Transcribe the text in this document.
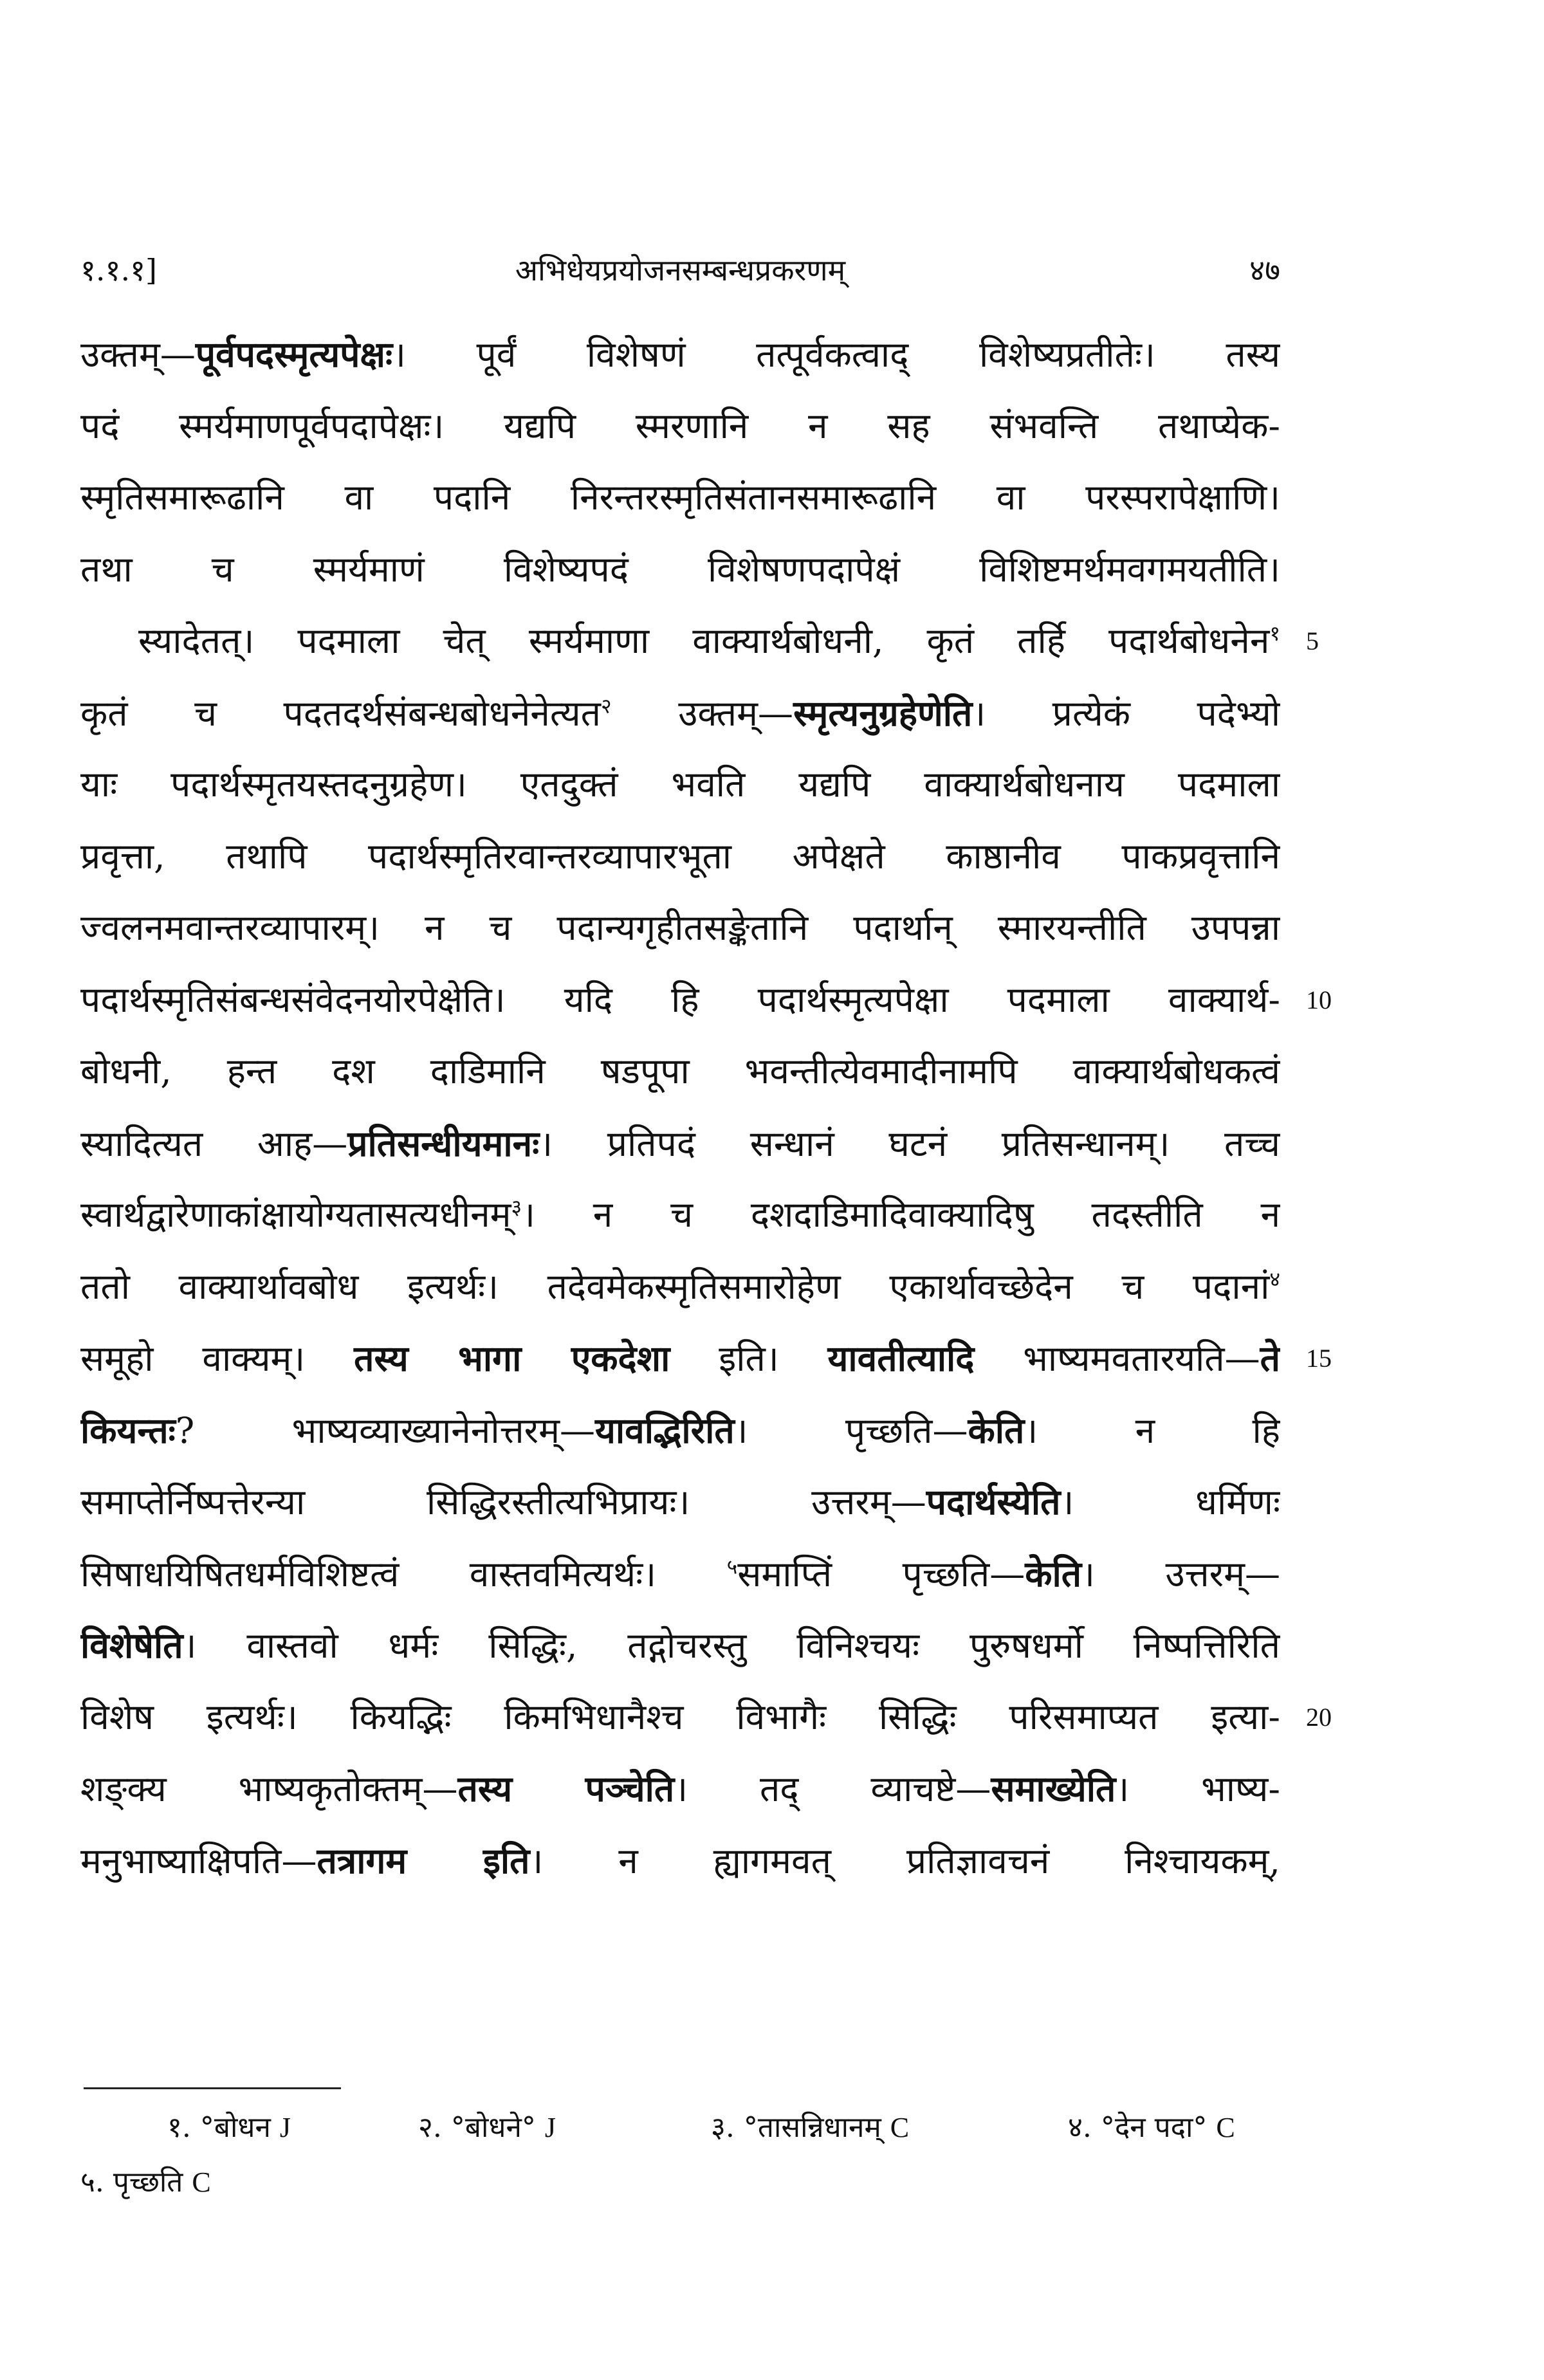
१.१.१]	अभिधेयप्रयोजनसम्बन्धप्रकरणम्	४७
उक्तम्—पूर्वपदस्मृत्यपेक्षः। पूर्वं विशेषणं तत्पूर्वकत्वाद् विशेष्यप्रतीतेः। तस्य
पदं स्मर्यमाणपूर्वपदापेक्षः। यद्यपि स्मरणानि न सह संभवन्ति तथाप्येक-
स्मृतिसमारूढानि वा पदानि निरन्तरस्मृतिसंतानसमारूढानि वा परस्परापेक्षाणि।
तथा च स्मर्यमाणं विशेष्यपदं विशेषणपदापेक्षं विशिष्टमर्थमवगमयतीति।
स्यादेतत्। पदमाला चेत् स्मर्यमाणा वाक्यार्थबोधनी, कृतं तर्हि पदार्थबोधनेन$^१$ 5
कृतं च पदतदर्थसंबन्धबोधनेनेत्यत$^२$ उक्तम्—स्मृत्यनुग्रहेणेति। प्रत्येकं पदेभ्यो
याः पदार्थस्मृतयस्तदनुग्रहेण। एतदुक्तं भवति यद्यपि वाक्यार्थबोधनाय पदमाला
प्रवृत्ता, तथापि पदार्थस्मृतिरवान्तरव्यापारभूता अपेक्षते काष्ठानीव पाकप्रवृत्तानि
ज्वलनमवान्तरव्यापारम्। न च पदान्यगृहीतसङ्केतानि पदार्थान् स्मारयन्तीति उपपन्ना
पदार्थस्मृतिसंबन्धसंवेदनयोरपेक्षेति। यदि हि पदार्थस्मृत्यपेक्षा पदमाला वाक्यार्थ- 10
बोधनी, हन्त दश दाडिमानि षडपूपा भवन्तीत्येवमादीनामपि वाक्यार्थबोधकत्वं
स्यादित्यत आह—प्रतिसन्धीयमानः। प्रतिपदं सन्धानं घटनं प्रतिसन्धानम्। तच्च
स्वार्थद्वारेणाकांक्षायोग्यतासत्यधीनम्$^३$। न च दशदाडिमादिवाक्यादिषु तदस्तीति न
ततो वाक्यार्थावबोध इत्यर्थः। तदेवमेकस्मृतिसमारोहेण एकार्थावच्छेदेन च पदानां$^४$
समूहो वाक्यम्। तस्य भागा एकदेशा इति। यावतीत्यादि भाष्यमवतारयति—ते 15
कियन्तः? भाष्यव्याख्यानेनोत्तरम्—यावद्भिरिति। पृच्छति—केति। न हि
समाप्तेर्निष्पत्तेरन्या सिद्धिरस्तीत्यभिप्रायः। उत्तरम्—पदार्थस्येति। धर्मिणः
सिषाधयिषितधर्मविशिष्टत्वं वास्तवमित्यर्थः। $^५$समाप्तिं पृच्छति—केति। उत्तरम्—
विशेषेति। वास्तवो धर्मः सिद्धिः, तद्गोचरस्तु विनिश्चयः पुरुषधर्मो निष्पत्तिरिति
विशेष इत्यर्थः। कियद्भिः किमभिधानैश्च विभागैः सिद्धिः परिसमाप्यत इत्या- 20
शङ्क्य भाष्यकृतोक्तम्—तस्य पञ्चेति। तद् व्याचष्टे—समाख्येति। भाष्य-
मनुभाष्याक्षिपति—तत्रागम इति। न ह्यागमवत् प्रतिज्ञावचनं निश्चायकम्,
१. °बोधन J	२. °बोधने° J	३. °तासन्निधानम् C	४. °देन पदा° C
५. पृच्छति C
